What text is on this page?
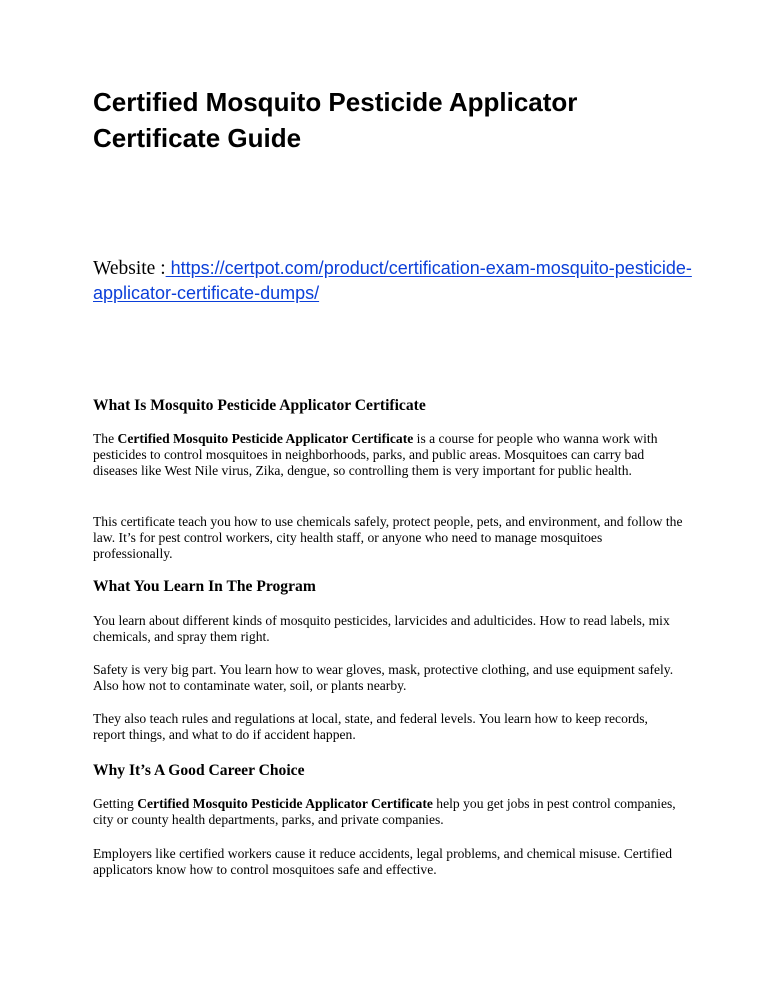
Certified Mosquito Pesticide Applicator Certificate Guide

Website : https://certpot.com/product/certification-exam-mosquito-pesticide-applicator-certificate-dumps/

What Is Mosquito Pesticide Applicator Certificate

The Certified Mosquito Pesticide Applicator Certificate is a course for people who wanna work with pesticides to control mosquitoes in neighborhoods, parks, and public areas. Mosquitoes can carry bad diseases like West Nile virus, Zika, dengue, so controlling them is very important for public health.

This certificate teach you how to use chemicals safely, protect people, pets, and environment, and follow the law. It’s for pest control workers, city health staff, or anyone who need to manage mosquitoes professionally.

What You Learn In The Program

You learn about different kinds of mosquito pesticides, larvicides and adulticides. How to read labels, mix chemicals, and spray them right.

Safety is very big part. You learn how to wear gloves, mask, protective clothing, and use equipment safely. Also how not to contaminate water, soil, or plants nearby.

They also teach rules and regulations at local, state, and federal levels. You learn how to keep records, report things, and what to do if accident happen.

Why It’s A Good Career Choice

Getting Certified Mosquito Pesticide Applicator Certificate help you get jobs in pest control companies, city or county health departments, parks, and private companies.

Employers like certified workers cause it reduce accidents, legal problems, and chemical misuse. Certified applicators know how to control mosquitoes safe and effective.
